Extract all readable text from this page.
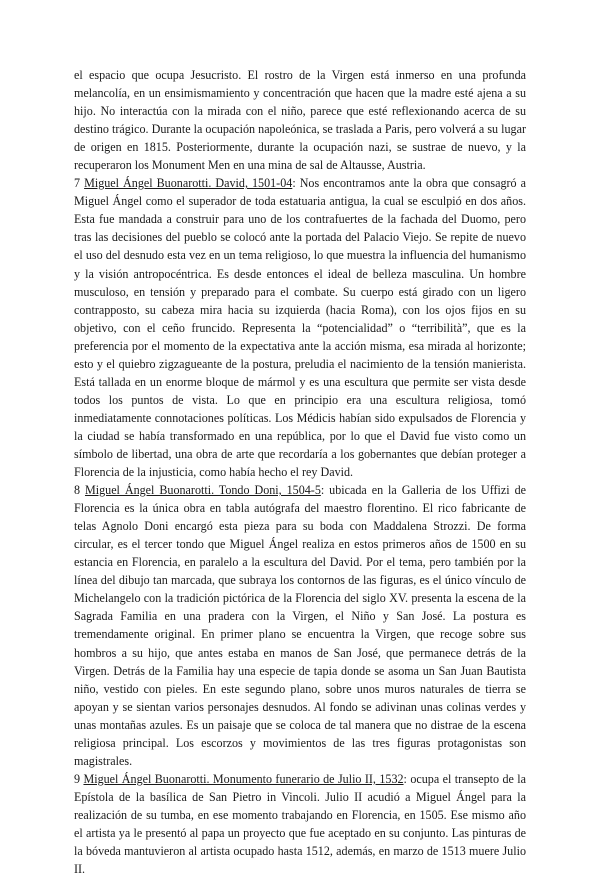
el espacio que ocupa Jesucristo. El rostro de la Virgen está inmerso en una profunda melancolía, en un ensimismamiento y concentración que hacen que la madre esté ajena a su hijo. No interactúa con la mirada con el niño, parece que esté reflexionando acerca de su destino trágico. Durante la ocupación napoleónica, se traslada a Paris, pero volverá a su lugar de origen en 1815. Posteriormente, durante la ocupación nazi, se sustrae de nuevo, y la recuperaron los Monument Men en una mina de sal de Altausse, Austria.

7 Miguel Ángel Buonarotti. David, 1501-04: Nos encontramos ante la obra que consagró a Miguel Ángel como el superador de toda estatuaria antigua, la cual se esculpió en dos años. Esta fue mandada a construir para uno de los contrafuertes de la fachada del Duomo, pero tras las decisiones del pueblo se colocó ante la portada del Palacio Viejo. Se repite de nuevo el uso del desnudo esta vez en un tema religioso, lo que muestra la influencia del humanismo y la visión antropocéntrica. Es desde entonces el ideal de belleza masculina. Un hombre musculoso, en tensión y preparado para el combate. Su cuerpo está girado con un ligero contrapposto, su cabeza mira hacia su izquierda (hacia Roma), con los ojos fijos en su objetivo, con el ceño fruncido. Representa la “potencialidad” o “terribilità”, que es la preferencia por el momento de la expectativa ante la acción misma, esa mirada al horizonte; esto y el quiebro zigzagueante de la postura, preludia el nacimiento de la tensión manierista. Está tallada en un enorme bloque de mármol y es una escultura que permite ser vista desde todos los puntos de vista. Lo que en principio era una escultura religiosa, tomó inmediatamente connotaciones políticas. Los Médicis habían sido expulsados de Florencia y la ciudad se había transformado en una república, por lo que el David fue visto como un símbolo de libertad, una obra de arte que recordaría a los gobernantes que debían proteger a Florencia de la injusticia, como había hecho el rey David.

8 Miguel Ángel Buonarotti. Tondo Doni, 1504-5: ubicada en la Galleria de los Uffizi de Florencia es la única obra en tabla autógrafa del maestro florentino. El rico fabricante de telas Agnolo Doni encargó esta pieza para su boda con Maddalena Strozzi. De forma circular, es el tercer tondo que Miguel Ángel realiza en estos primeros años de 1500 en su estancia en Florencia, en paralelo a la escultura del David. Por el tema, pero también por la línea del dibujo tan marcada, que subraya los contornos de las figuras, es el único vínculo de Michelangelo con la tradición pictórica de la Florencia del siglo XV. presenta la escena de la Sagrada Familia en una pradera con la Virgen, el Niño y San José. La postura es tremendamente original. En primer plano se encuentra la Virgen, que recoge sobre sus hombros a su hijo, que antes estaba en manos de San José, que permanece detrás de la Virgen. Detrás de la Familia hay una especie de tapia donde se asoma un San Juan Bautista niño, vestido con pieles. En este segundo plano, sobre unos muros naturales de tierra se apoyan y se sientan varios personajes desnudos. Al fondo se adivinan unas colinas verdes y unas montañas azules. Es un paisaje que se coloca de tal manera que no distrae de la escena religiosa principal. Los escorzos y movimientos de las tres figuras protagonistas son magistrales.

9 Miguel Ángel Buonarotti. Monumento funerario de Julio II, 1532: ocupa el transepto de la Epístola de la basílica de San Pietro in Vincoli. Julio II acudió a Miguel Ángel para la realización de su tumba, en ese momento trabajando en Florencia, en 1505. Ese mismo año el artista ya le presentó al papa un proyecto que fue aceptado en su conjunto. Las pinturas de la bóveda mantuvieron al artista ocupado hasta 1512, además, en marzo de 1513 muere Julio II.
